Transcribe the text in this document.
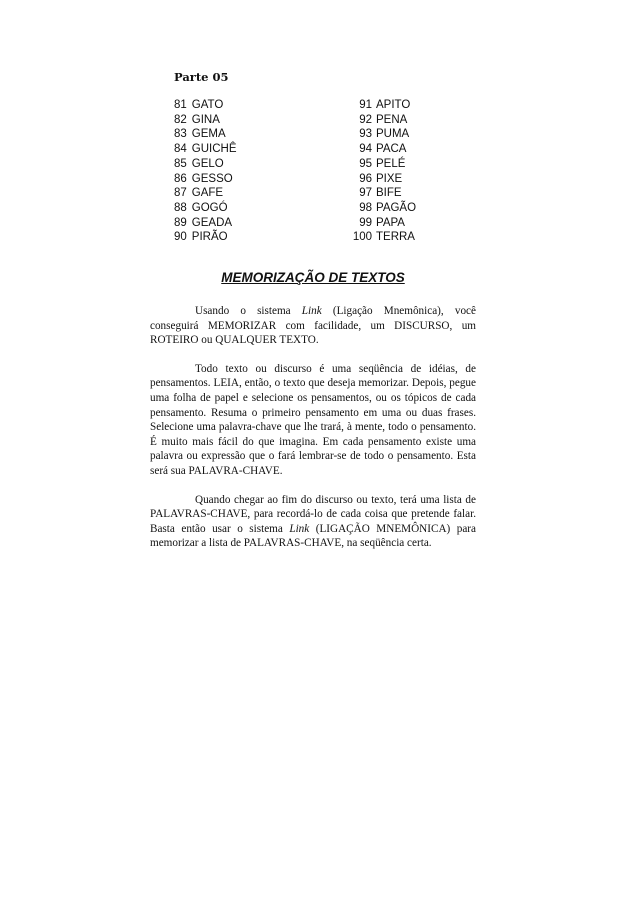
Parte 05
81 GATO
82 GINA
83 GEMA
84 GUICHÊ
85 GELO
86 GESSO
87 GAFE
88 GOGÓ
89 GEADA
90 PIRÃO
91 APITO
92 PENA
93 PUMA
94 PACA
95 PELÉ
96 PIXE
97 BIFE
98 PAGÃO
99 PAPA
100 TERRA
MEMORIZAÇÃO DE TEXTOS

Usando o sistema Link (Ligação Mnemônica), você conseguirá MEMORIZAR com facilidade, um DISCURSO, um ROTEIRO ou QUALQUER TEXTO.

Todo texto ou discurso é uma seqüência de idéias, de pensamentos. LEIA, então, o texto que deseja memorizar. Depois, pegue uma folha de papel e selecione os pensamentos, ou os tópicos de cada pensamento. Resuma o primeiro pensamento em uma ou duas frases. Selecione uma palavra-chave que lhe trará, à mente, todo o pensamento. É muito mais fácil do que imagina. Em cada pensamento existe uma palavra ou expressão que o fará lembrar-se de todo o pensamento. Esta será sua PALAVRA-CHAVE.

Quando chegar ao fim do discurso ou texto, terá uma lista de PALAVRAS-CHAVE, para recordá-lo de cada coisa que pretende falar. Basta então usar o sistema Link (LIGAÇÃO MNEMÔNICA) para memorizar a lista de PALAVRAS-CHAVE, na seqüência certa.
